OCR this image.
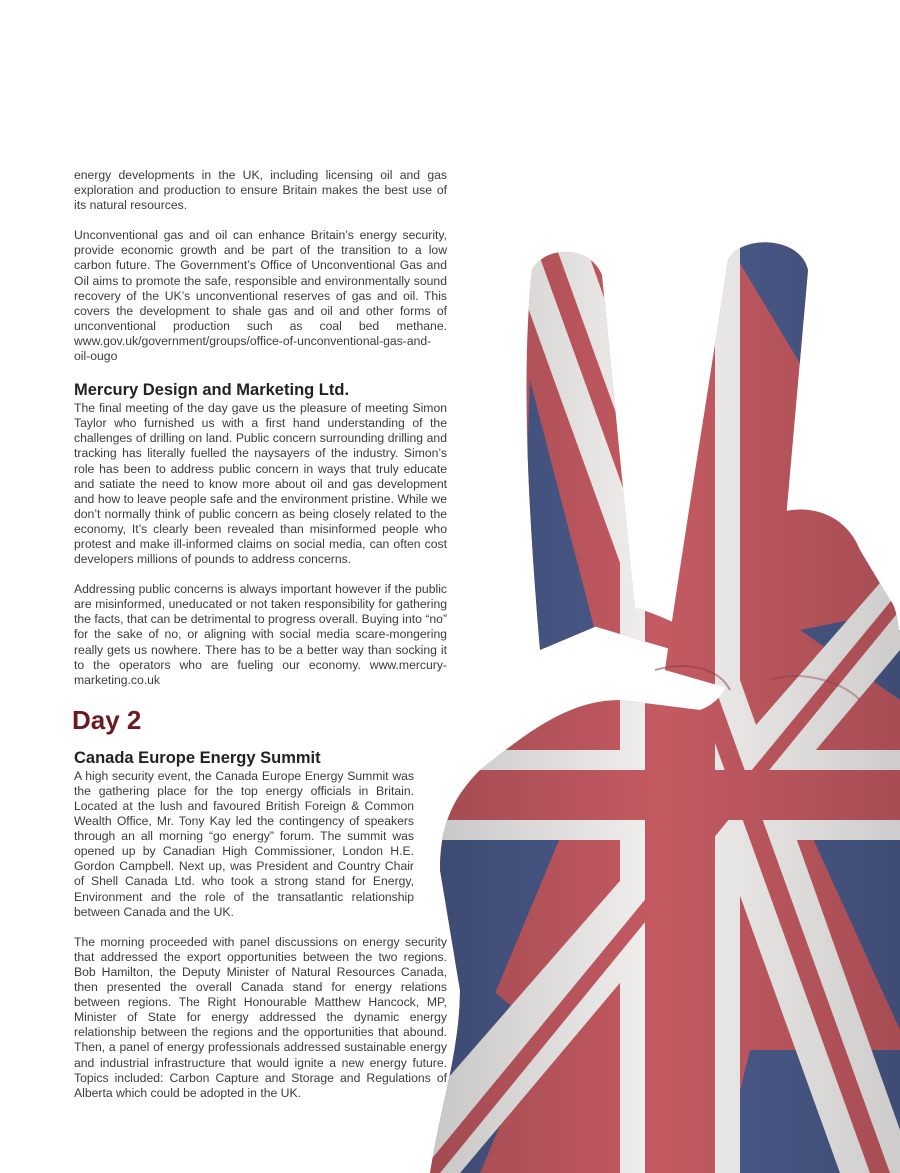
energy developments in the UK, including licensing oil and gas exploration and production to ensure Britain makes the best use of its natural resources.

Unconventional gas and oil can enhance Britain’s energy security, provide economic growth and be part of the transition to a low carbon future. The Government’s Office of Unconventional Gas and Oil aims to promote the safe, responsible and environmentally sound recovery of the UK’s unconventional reserves of gas and oil. This covers the development to shale gas and oil and other forms of unconventional production such as coal bed methane. www.gov.uk/government/groups/office-of-unconventional-gas-and-oil-ougo

Mercury Design and Marketing Ltd.

The final meeting of the day gave us the pleasure of meeting Simon Taylor who furnished us with a first hand understanding of the challenges of drilling on land. Public concern surrounding drilling and tracking has literally fuelled the naysayers of the industry. Simon’s role has been to address public concern in ways that truly educate and satiate the need to know more about oil and gas development and how to leave people safe and the environment pristine. While we don’t normally think of public concern as being closely related to the economy, It’s clearly been revealed than misinformed people who protest and make ill-informed claims on social media, can often cost developers millions of pounds to address concerns.

Addressing public concerns is always important however if the public are misinformed, uneducated or not taken responsibility for gathering the facts, that can be detrimental to progress overall. Buying into “no” for the sake of no, or aligning with social media scare-mongering really gets us nowhere. There has to be a better way than socking it to the operators who are fueling our economy. www.mercury-marketing.co.uk

Day 2
Canada Europe Energy Summit

A high security event, the Canada Europe Energy Summit was the gathering place for the top energy officials in Britain. Located at the lush and favoured British Foreign & Common Wealth Office, Mr. Tony Kay led the contingency of speakers through an all morning “go energy” forum. The summit was opened up by Canadian High Commissioner, London H.E. Gordon Campbell. Next up, was President and Country Chair of Shell Canada Ltd. who took a strong stand for Energy, Environment and the role of the transatlantic relationship between Canada and the UK.

The morning proceeded with panel discussions on energy security that addressed the export opportunities between the two regions. Bob Hamilton, the Deputy Minister of Natural Resources Canada, then presented the overall Canada stand for energy relations between regions. The Right Honourable Matthew Hancock, MP, Minister of State for energy addressed the dynamic energy relationship between the regions and the opportunities that abound. Then, a panel of energy professionals addressed sustainable energy and industrial infrastructure that would ignite a new energy future. Topics included: Carbon Capture and Storage and Regulations of Alberta which could be adopted in the UK.
